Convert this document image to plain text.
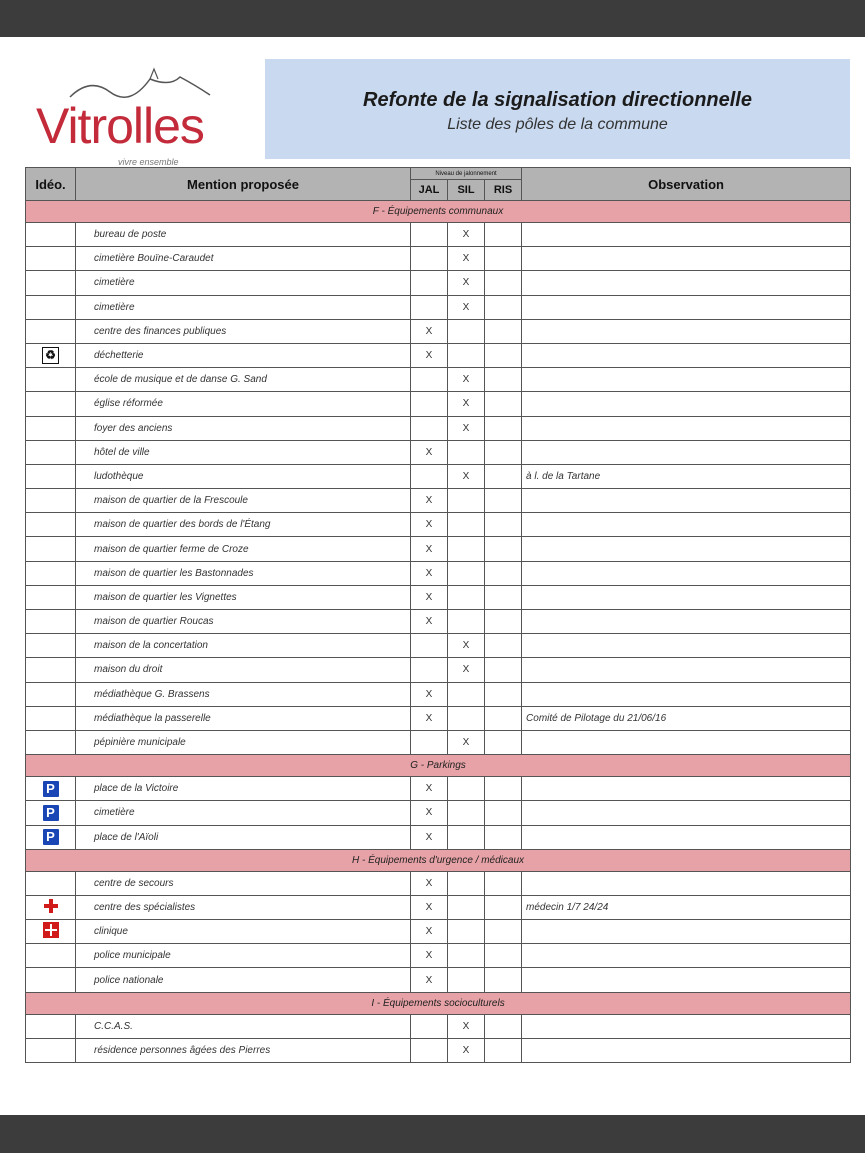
Vitrolles
vivre ensemble
Refonte de la signalisation directionnelle
Liste des pôles de la commune
Idéo.	Mention proposée	Niveau de jalonnement			Observation
		JAL	SIL	RIS	
F - Équipements communaux					
	bureau de poste		X		
	cimetière Bouïne-Caraudet		X		
	cimetière		X		
	cimetière		X		
	centre des finances publiques	X			
♻	déchetterie	X			
	école de musique et de danse G. Sand		X		
	église réformée		X		
	foyer des anciens		X		
	hôtel de ville	X			
	ludothèque		X		à l. de la Tartane
	maison de quartier de la Frescoule	X			
	maison de quartier des bords de l'Étang	X			
	maison de quartier ferme de Croze	X			
	maison de quartier les Bastonnades	X			
	maison de quartier les Vignettes	X			
	maison de quartier Roucas	X			
	maison de la concertation		X		
	maison du droit		X		
	médiathèque G. Brassens	X			
	médiathèque la passerelle	X			Comité de Pilotage du 21/06/16
	pépinière municipale		X		
G - Parkings					
P	place de la Victoire	X			
P	cimetière	X			
P	place de l'Aïoli	X			
H - Équipements d'urgence / médicaux					
	centre de secours	X			
	centre des spécialistes	X			médecin 1/7 24/24
	clinique	X			
	police municipale	X			
	police nationale	X			
I - Équipements socioculturels					
	C.C.A.S.		X		
	résidence personnes âgées des Pierres		X		
